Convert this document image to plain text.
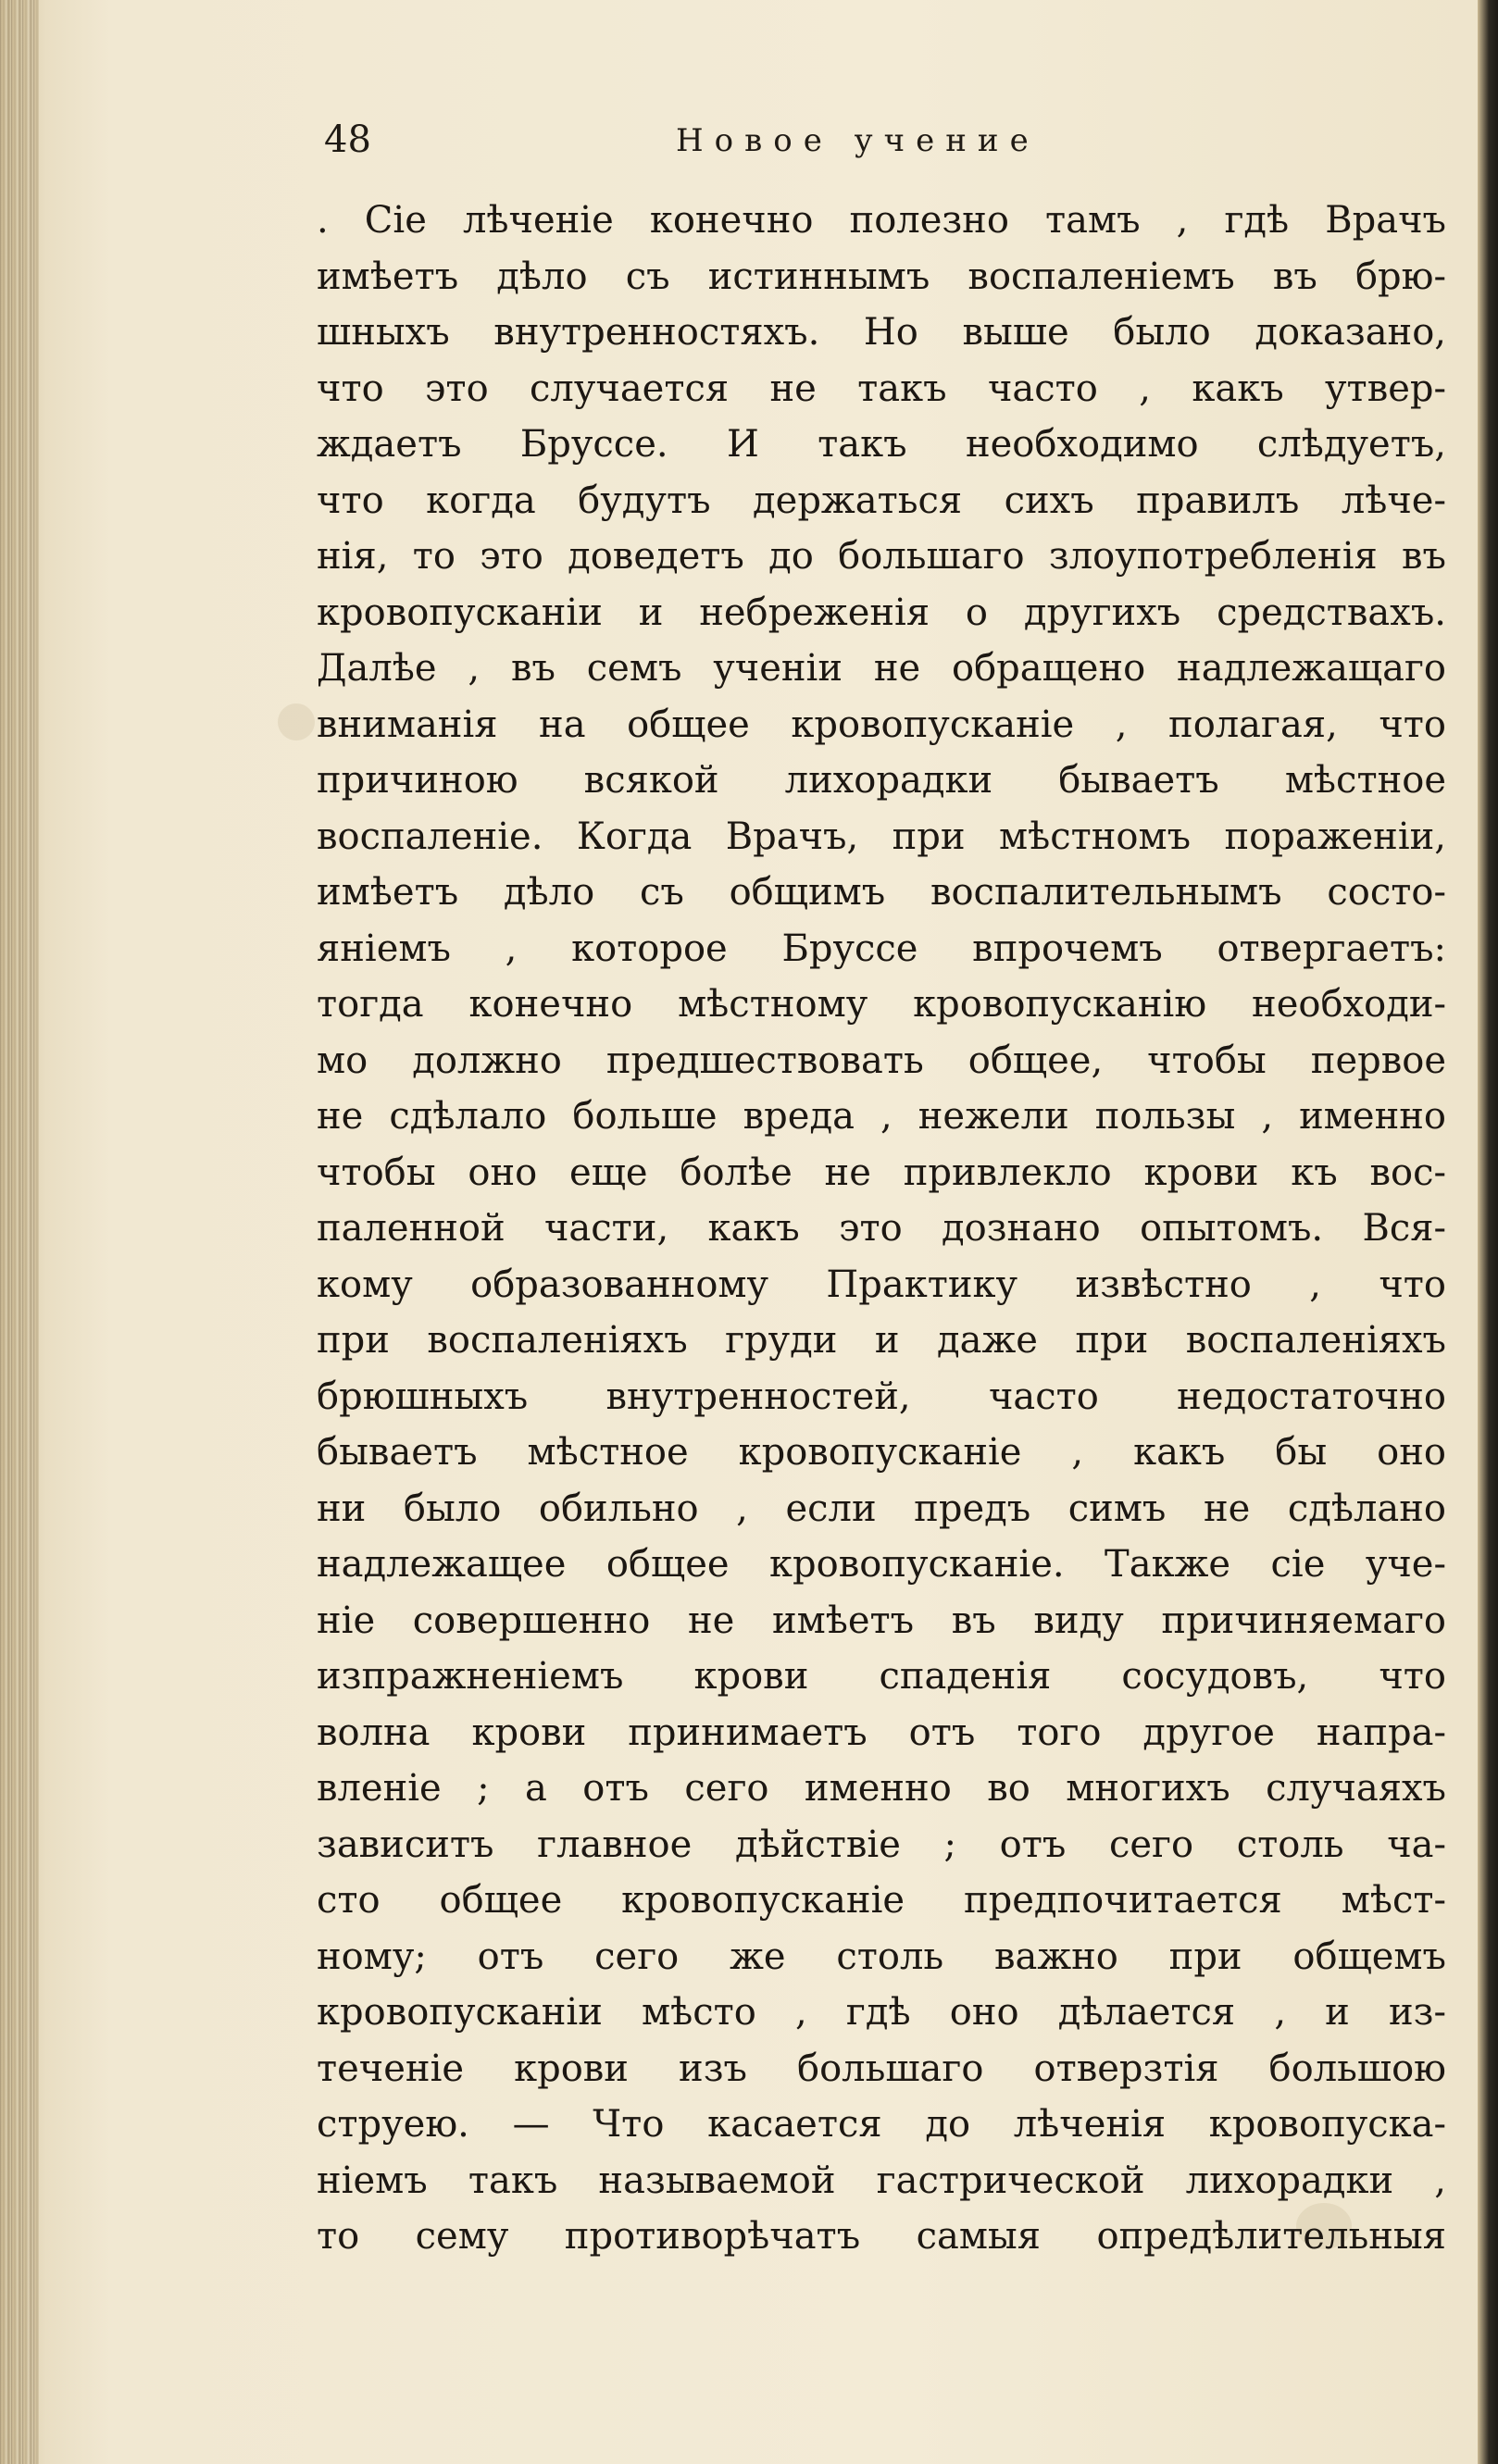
48	Новое учение
. Сіе лѣченіе конечно полезно тамъ , гдѣ Врачъ
имѣетъ дѣло съ истиннымъ воспаленіемъ въ брю-
шныхъ внутренностяхъ. Но выше было доказано,
что это случается не такъ часто , какъ утвер-
ждаетъ Бруссе. И такъ необходимо слѣдуетъ,
что когда будутъ держаться сихъ правилъ лѣче-
нія, то это доведетъ до большаго злоупотребленія въ
кровопусканіи и небреженія о другихъ средствахъ.
Далѣе , въ семъ ученіи не обращено надлежащаго
вниманія на общее кровопусканіе , полагая, что
причиною всякой лихорадки бываетъ мѣстное
воспаленіе. Когда Врачъ, при мѣстномъ пораженіи,
имѣетъ дѣло съ общимъ воспалительнымъ состо-
яніемъ , которое Бруссе впрочемъ отвергаетъ:
тогда конечно мѣстному кровопусканію необходи-
мо должно предшествовать общее, чтобы первое
не сдѣлало больше вреда , нежели пользы , именно
чтобы оно еще болѣе не привлекло крови къ вос-
паленной части, какъ это дознано опытомъ. Вся-
кому образованному Практику извѣстно , что
при воспаленіяхъ груди и даже при воспаленіяхъ
брюшныхъ внутренностей, часто недостаточно
бываетъ мѣстное кровопусканіе , какъ бы оно
ни было обильно , если предъ симъ не сдѣлано
надлежащее общее кровопусканіе. Также сіе уче-
ніе совершенно не имѣетъ въ виду причиняемаго
изпражненіемъ крови спаденія сосудовъ, что
волна крови принимаетъ отъ того другое напра-
вленіе ; а отъ сего именно во многихъ случаяхъ
зависитъ главное дѣйствіе ; отъ сего столь ча-
сто общее кровопусканіе предпочитается мѣст-
ному; отъ сего же столь важно при общемъ
кровопусканіи мѣсто , гдѣ оно дѣлается , и из-
теченіе крови изъ большаго отверзтія большою
струею. — Что касается до лѣченія кровопуска-
ніемъ такъ называемой гастрической лихорадки ,
то сему противорѣчатъ самыя опредѣлительныя
